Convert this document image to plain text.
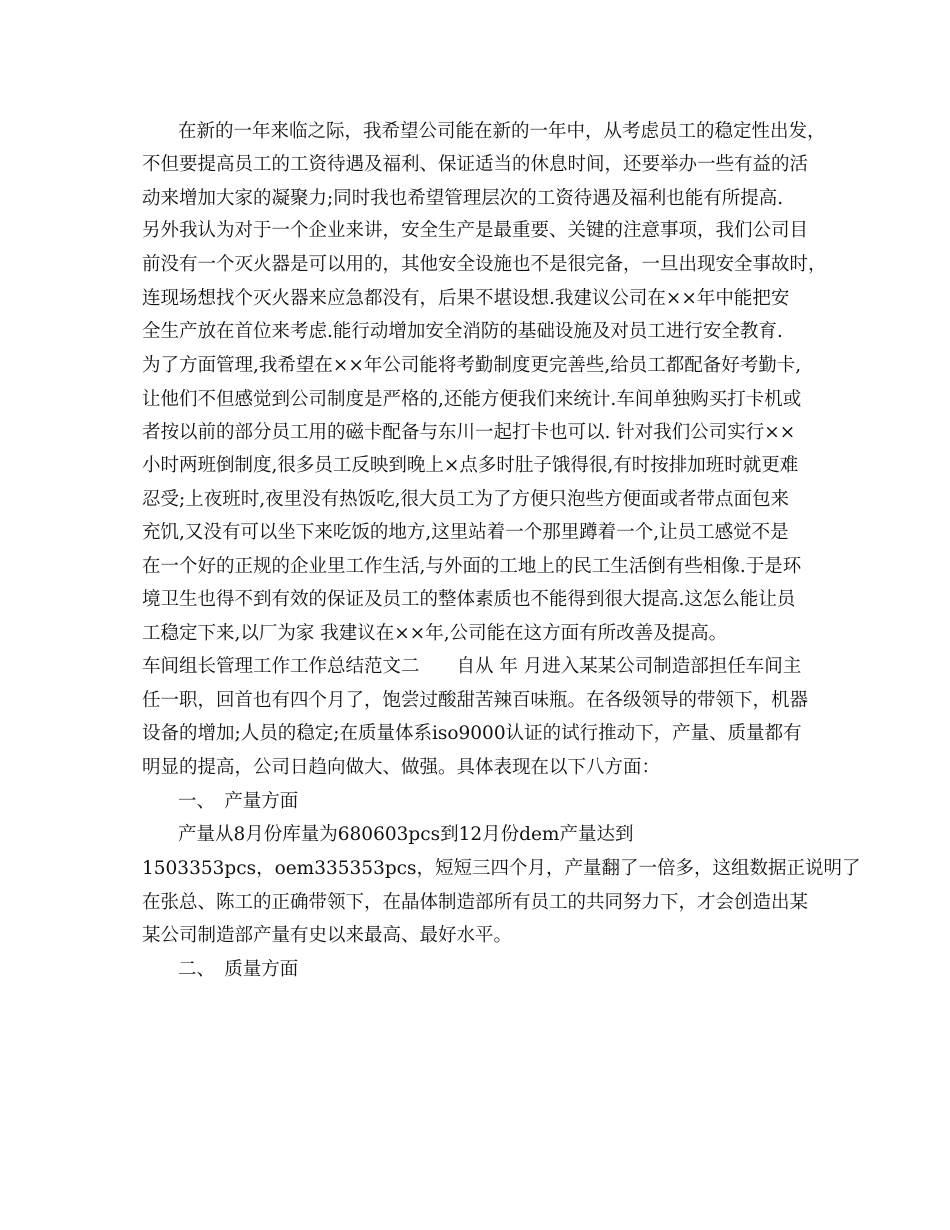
在新的一年来临之际，我希望公司能在新的一年中，从考虑员工的稳定性出发，
不但要提高员工的工资待遇及福利、保证适当的休息时间，还要举办一些有益的活
动来增加大家的凝聚力;同时我也希望管理层次的工资待遇及福利也能有所提高.
另外我认为对于一个企业来讲，安全生产是最重要、关键的注意事项，我们公司目
前没有一个灭火器是可以用的，其他安全设施也不是很完备，一旦出现安全事故时，
连现场想找个灭火器来应急都没有，后果不堪设想.我建议公司在××年中能把安
全生产放在首位来考虑.能行动增加安全消防的基础设施及对员工进行安全教育.
为了方面管理,我希望在××年公司能将考勤制度更完善些,给员工都配备好考勤卡,
让他们不但感觉到公司制度是严格的,还能方便我们来统计.车间单独购买打卡机或
者按以前的部分员工用的磁卡配备与东川一起打卡也可以. 针对我们公司实行××
小时两班倒制度,很多员工反映到晚上×点多时肚子饿得很,有时按排加班时就更难
忍受;上夜班时,夜里没有热饭吃,很大员工为了方便只泡些方便面或者带点面包来
充饥,又没有可以坐下来吃饭的地方,这里站着一个那里蹲着一个,让员工感觉不是
在一个好的正规的企业里工作生活,与外面的工地上的民工生活倒有些相像.于是环
境卫生也得不到有效的保证及员工的整体素质也不能得到很大提高.这怎么能让员
工稳定下来,以厂为家 我建议在××年,公司能在这方面有所改善及提高。
车间组长管理工作工作总结范文二　　自从 年 月进入某某公司制造部担任车间主
任一职，回首也有四个月了，饱尝过酸甜苦辣百味瓶。在各级领导的带领下，机器
设备的增加;人员的稳定;在质量体系iso9000认证的试行推动下，产量、质量都有
明显的提高，公司日趋向做大、做强。具体表现在以下八方面：
一、　产量方面
产量从8月份库量为680603pcs到12月份dem产量达到
1503353pcs，oem335353pcs，短短三四个月，产量翻了一倍多，这组数据正说明了
在张总、陈工的正确带领下，在晶体制造部所有员工的共同努力下，才会创造出某
某公司制造部产量有史以来最高、最好水平。
二、　质量方面
